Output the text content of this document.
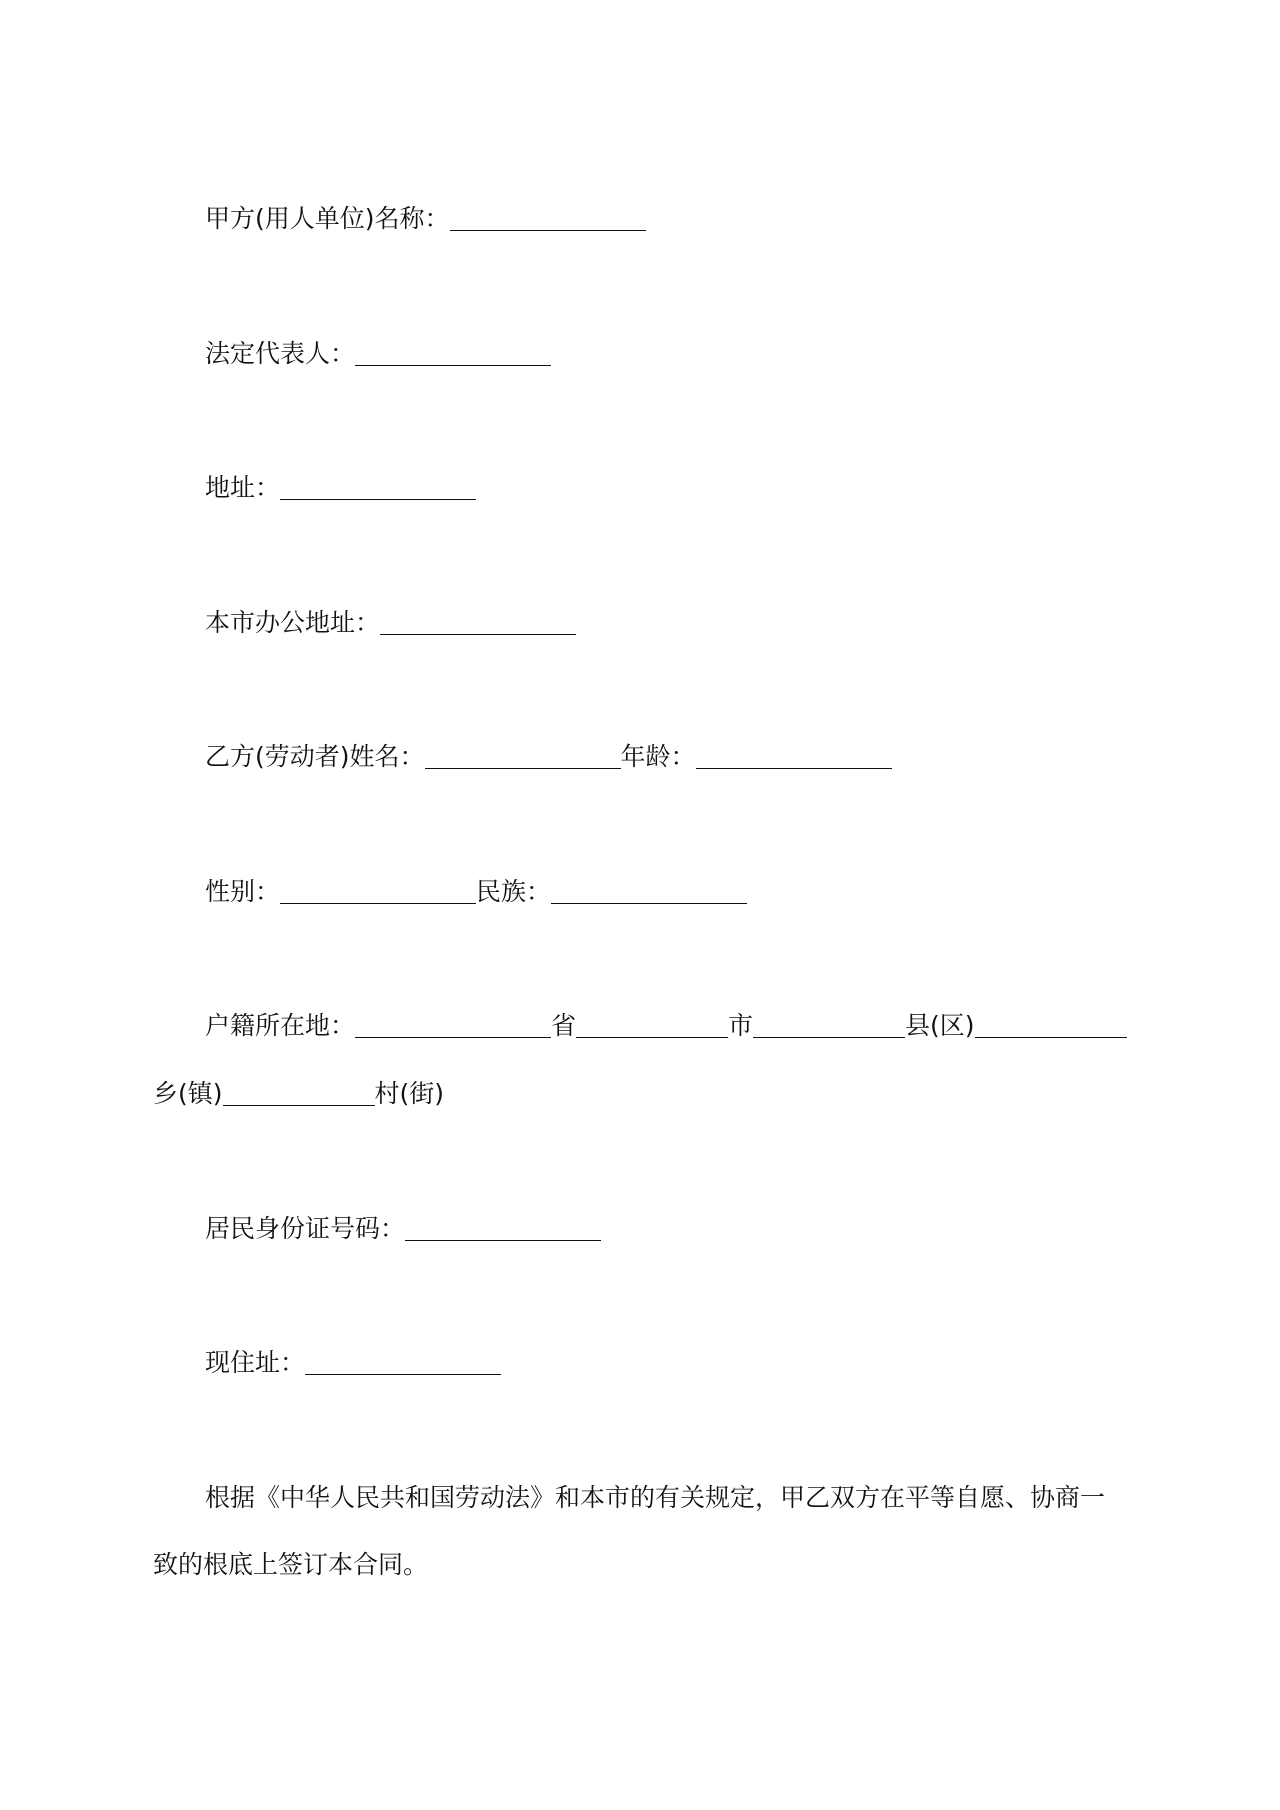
甲方(用人单位)名称：
法定代表人：
地址：
本市办公地址：
乙方(劳动者)姓名：	年龄：
性别：	民族：
户籍所在地：	省	市	县(区)
乡(镇)	村(街)
居民身份证号码：
现住址：
根据《中华人民共和国劳动法》和本市的有关规定，甲乙双方在平等自愿、协商一
致的根底上签订本合同。
